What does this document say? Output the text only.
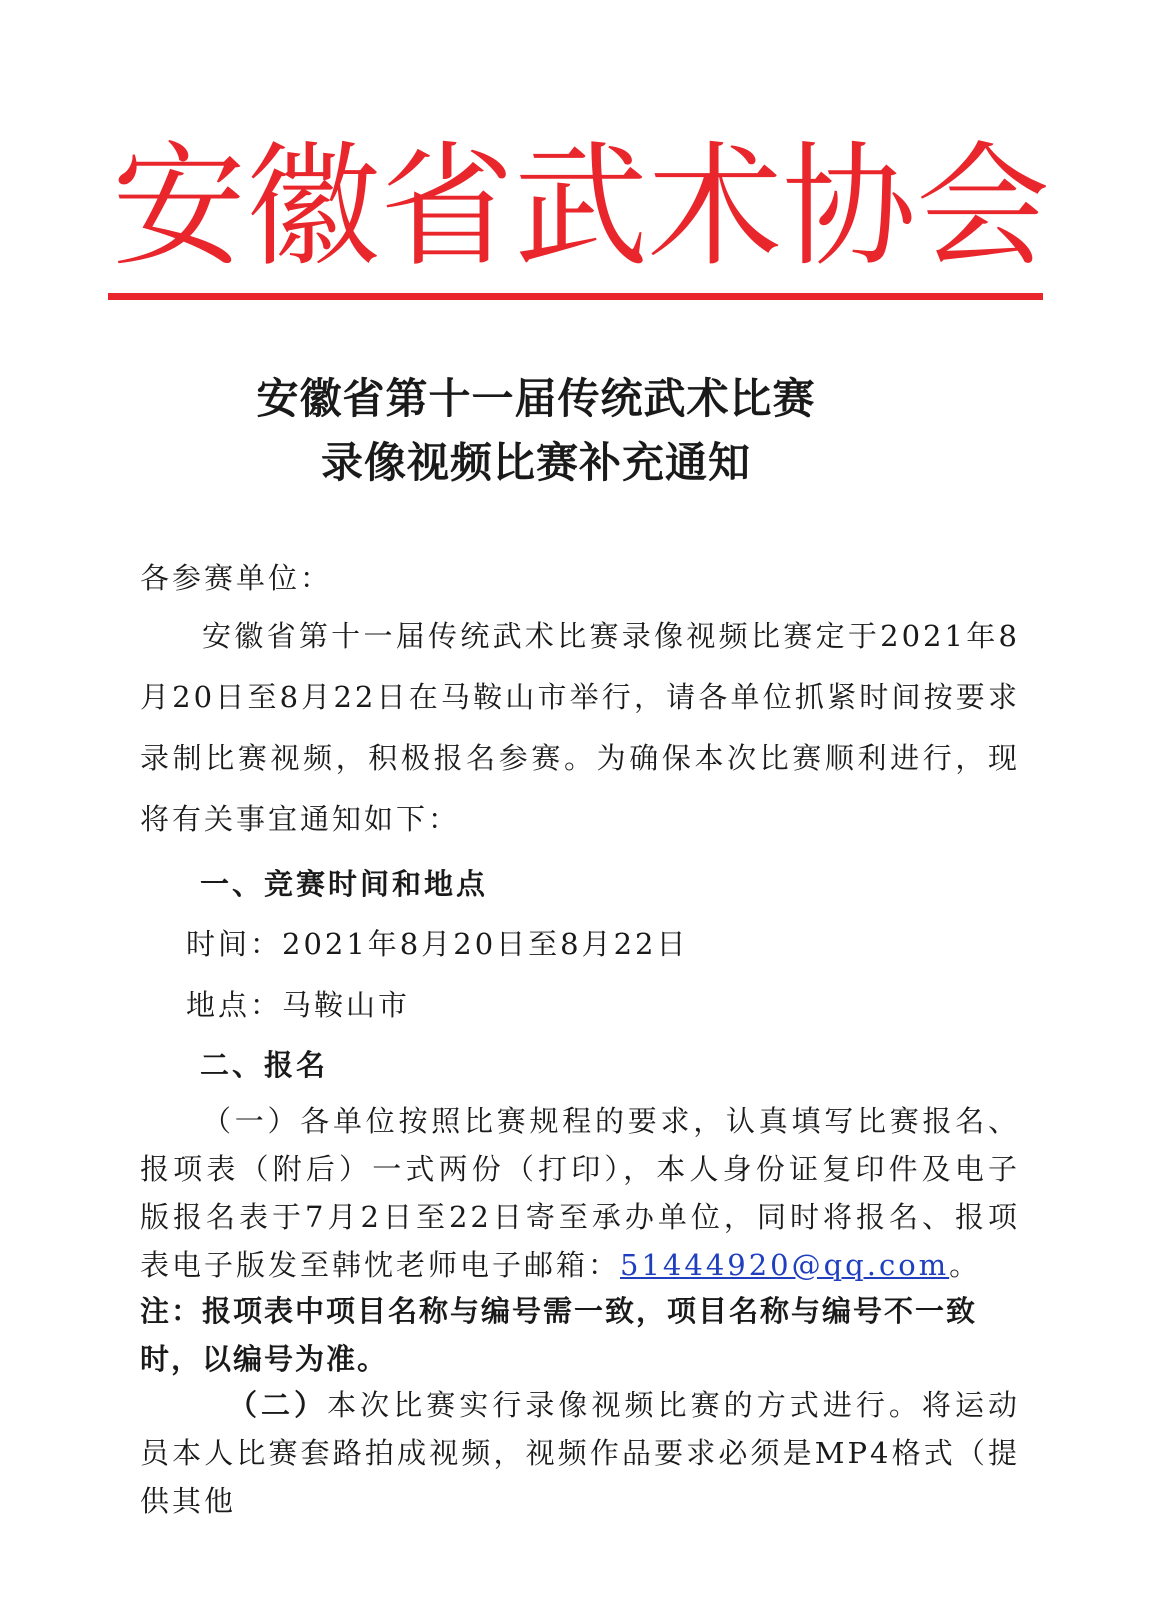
安 徽 省 武 术 协 会
安徽省第十一届传统武术比赛
录像视频比赛补充通知

各参赛单位：

安徽省第十一届传统武术比赛录像视频比赛定于2021年8月20日至8月22日在马鞍山市举行，请各单位抓紧时间按要求录制比赛视频，积极报名参赛。为确保本次比赛顺利进行，现将有关事宜通知如下：

一、竞赛时间和地点

时间：2021年8月20日至8月22日

地点：马鞍山市

二、报名

（一）各单位按照比赛规程的要求，认真填写比赛报名、报项表（附后）一式两份（打印），本人身份证复印件及电子版报名表于7月2日至22日寄至承办单位，同时将报名、报项表电子版发至韩忱老师电子邮箱：51444920@qq.com。

注：报项表中项目名称与编号需一致，项目名称与编号不一致时，以编号为准。

（二）本次比赛实行录像视频比赛的方式进行。将运动员本人比赛套路拍成视频，视频作品要求必须是MP4格式（提供其他
